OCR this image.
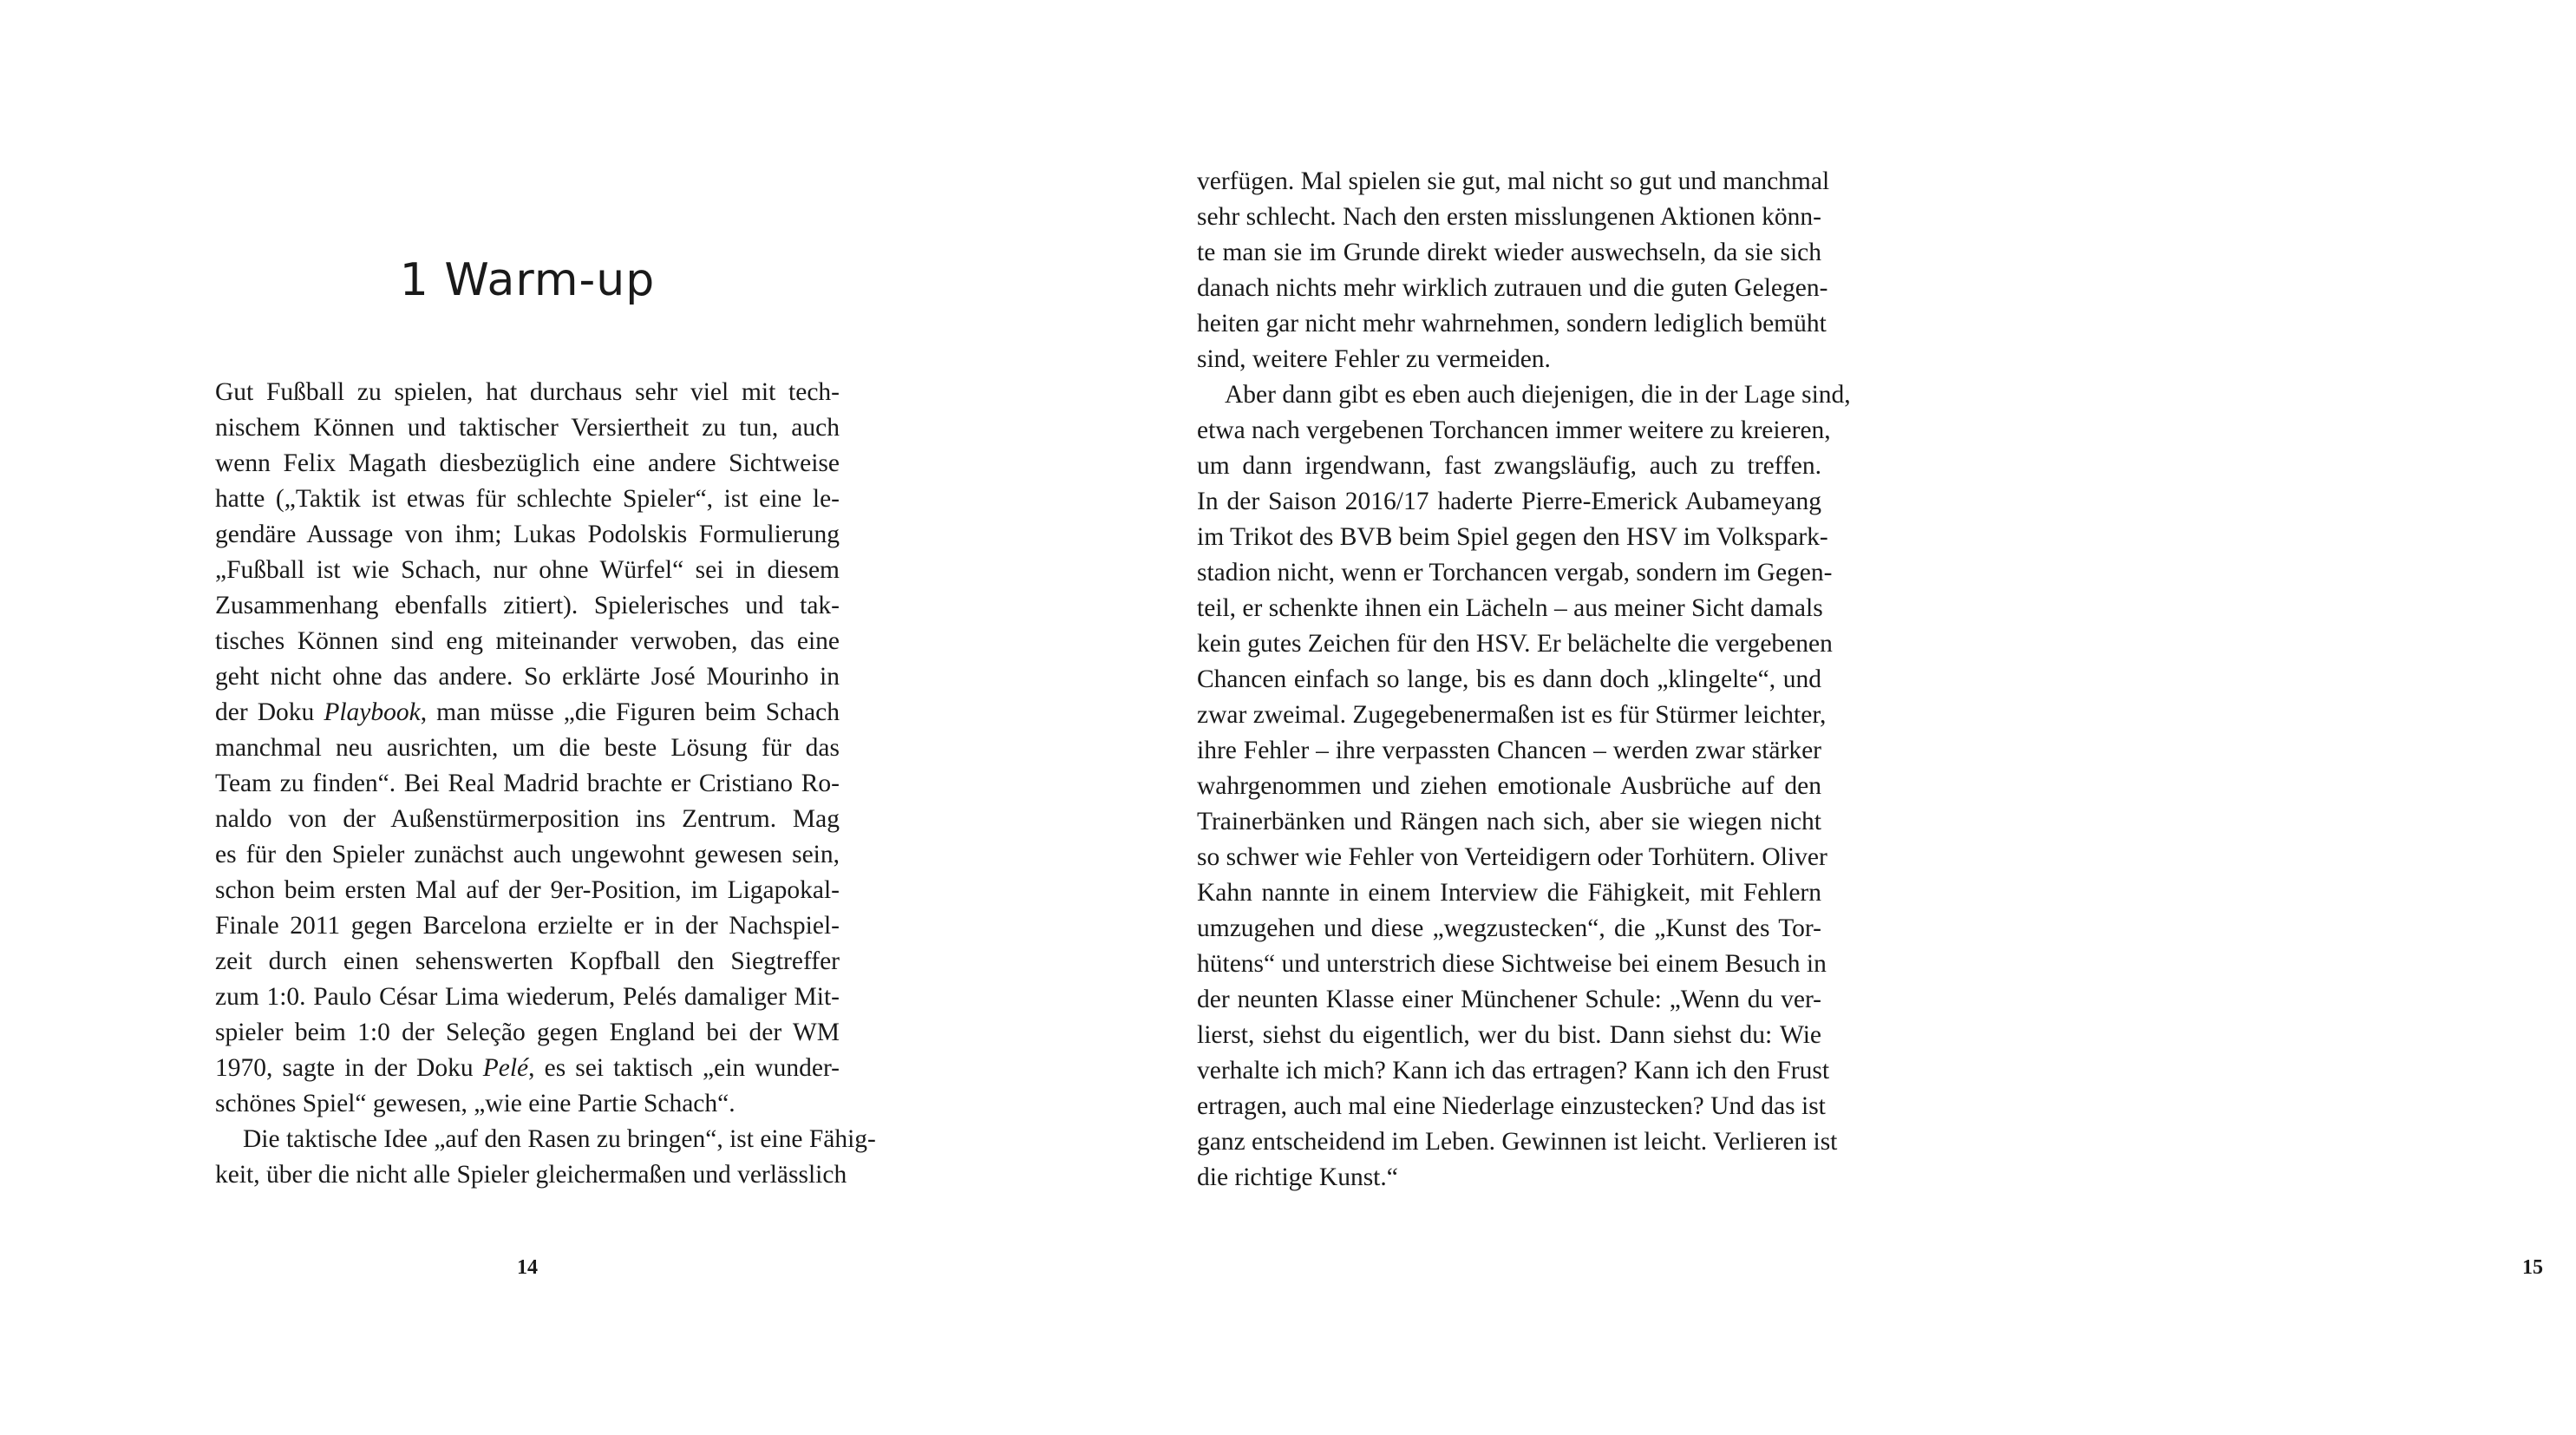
1 Warm-up
Gut Fußball zu spielen, hat durchaus sehr viel mit tech-
nischem Können und taktischer Versiertheit zu tun, auch
wenn Felix Magath diesbezüglich eine andere Sichtweise
hatte („Taktik ist etwas für schlechte Spieler“, ist eine le-
gendäre Aussage von ihm; Lukas Podolskis Formulierung
„Fußball ist wie Schach, nur ohne Würfel“ sei in diesem
Zusammenhang ebenfalls zitiert). Spielerisches und tak-
tisches Können sind eng miteinander verwoben, das eine
geht nicht ohne das andere. So erklärte José Mourinho in
der Doku Playbook, man müsse „die Figuren beim Schach
manchmal neu ausrichten, um die beste Lösung für das
Team zu finden“. Bei Real Madrid brachte er Cristiano Ro-
naldo von der Außenstürmerposition ins Zentrum. Mag
es für den Spieler zunächst auch ungewohnt gewesen sein,
schon beim ersten Mal auf der 9er-Position, im Ligapokal-
Finale 2011 gegen Barcelona erzielte er in der Nachspiel-
zeit durch einen sehenswerten Kopfball den Siegtreffer
zum 1:0. Paulo César Lima wiederum, Pelés damaliger Mit-
spieler beim 1:0 der Seleção gegen England bei der WM
1970, sagte in der Doku Pelé, es sei taktisch „ein wunder-
schönes Spiel“ gewesen, „wie eine Partie Schach“.
Die taktische Idee „auf den Rasen zu bringen“, ist eine Fähig-
keit, über die nicht alle Spieler gleichermaßen und verlässlich
14
verfügen. Mal spielen sie gut, mal nicht so gut und manchmal
sehr schlecht. Nach den ersten misslungenen Aktionen könn-
te man sie im Grunde direkt wieder auswechseln, da sie sich
danach nichts mehr wirklich zutrauen und die guten Gelegen-
heiten gar nicht mehr wahrnehmen, sondern lediglich bemüht
sind, weitere Fehler zu vermeiden.
Aber dann gibt es eben auch diejenigen, die in der Lage sind,
etwa nach vergebenen Torchancen immer weitere zu kreieren,
um dann irgendwann, fast zwangsläufig, auch zu treffen.
In der Saison 2016/17 haderte Pierre-Emerick Aubameyang
im Trikot des BVB beim Spiel gegen den HSV im Volkspark-
stadion nicht, wenn er Torchancen vergab, sondern im Gegen-
teil, er schenkte ihnen ein Lächeln – aus meiner Sicht damals
kein gutes Zeichen für den HSV. Er belächelte die vergebenen
Chancen einfach so lange, bis es dann doch „klingelte“, und
zwar zweimal. Zugegebenermaßen ist es für Stürmer leichter,
ihre Fehler – ihre verpassten Chancen – werden zwar stärker
wahrgenommen und ziehen emotionale Ausbrüche auf den
Trainerbänken und Rängen nach sich, aber sie wiegen nicht
so schwer wie Fehler von Verteidigern oder Torhütern. Oliver
Kahn nannte in einem Interview die Fähigkeit, mit Fehlern
umzugehen und diese „wegzustecken“, die „Kunst des Tor-
hütens“ und unterstrich diese Sichtweise bei einem Besuch in
der neunten Klasse einer Münchener Schule: „Wenn du ver-
lierst, siehst du eigentlich, wer du bist. Dann siehst du: Wie
verhalte ich mich? Kann ich das ertragen? Kann ich den Frust
ertragen, auch mal eine Niederlage einzustecken? Und das ist
ganz entscheidend im Leben. Gewinnen ist leicht. Verlieren ist
die richtige Kunst.“
15
